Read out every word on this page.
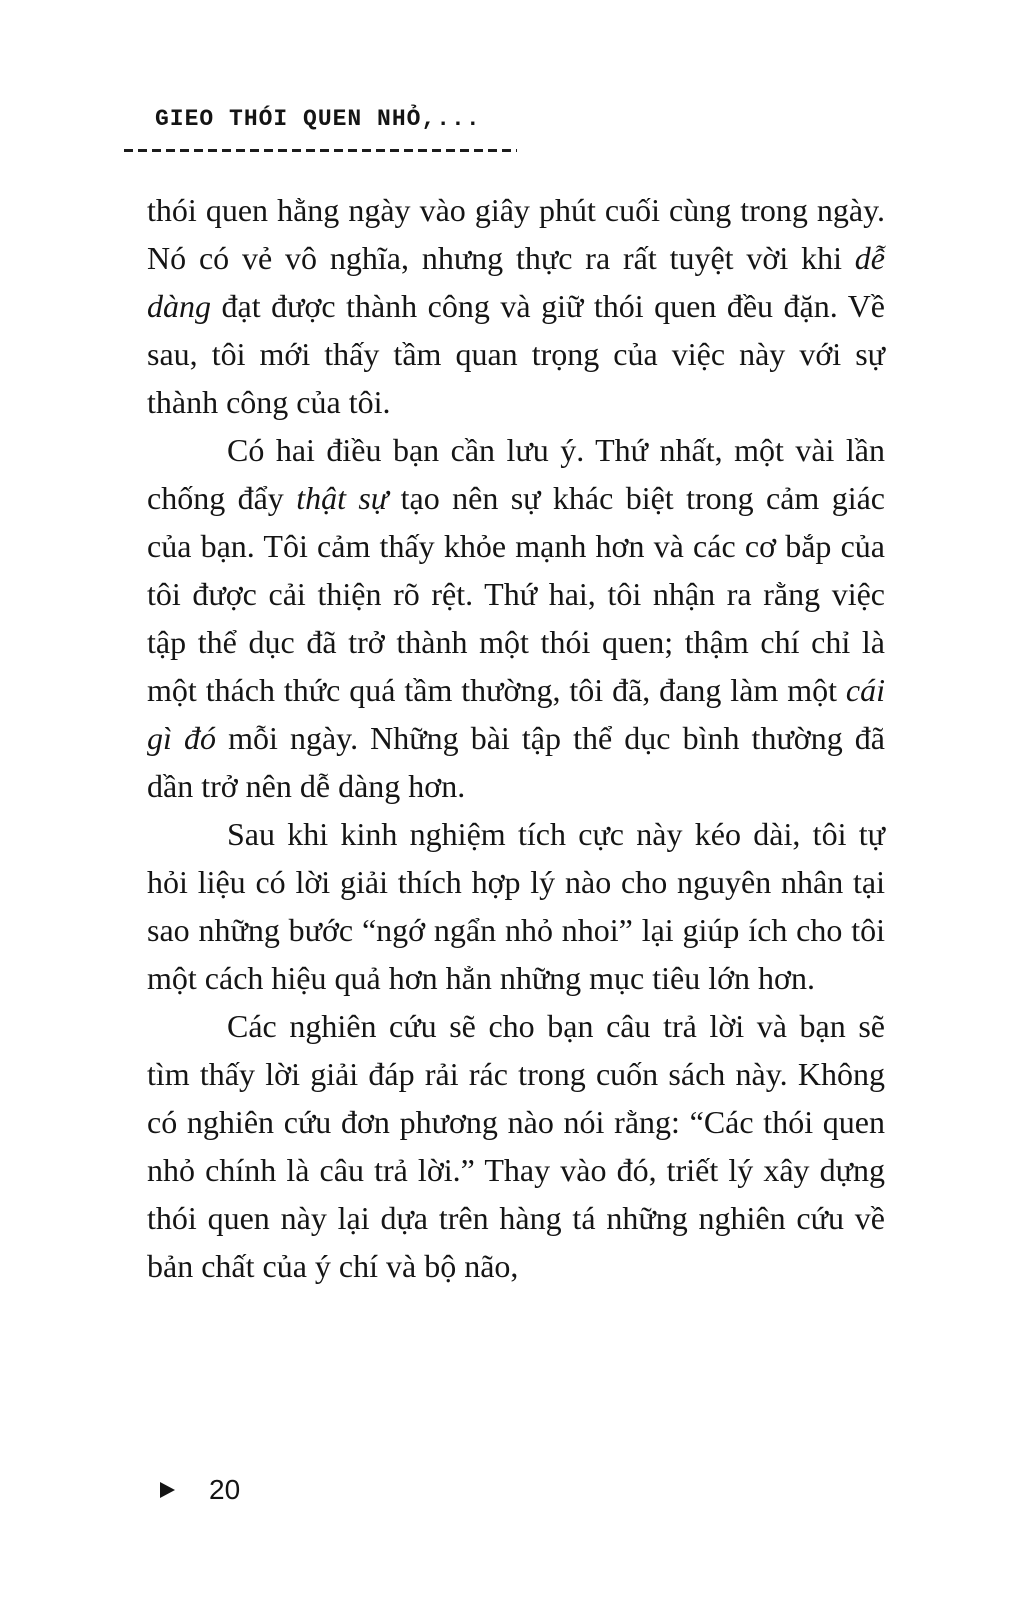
GIEO THÓI QUEN NHỎ,...

thói quen hằng ngày vào giây phút cuối cùng trong ngày. Nó có vẻ vô nghĩa, nhưng thực ra rất tuyệt vời khi dễ dàng đạt được thành công và giữ thói quen đều đặn. Về sau, tôi mới thấy tầm quan trọng của việc này với sự thành công của tôi.

Có hai điều bạn cần lưu ý. Thứ nhất, một vài lần chống đẩy thật sự tạo nên sự khác biệt trong cảm giác của bạn. Tôi cảm thấy khỏe mạnh hơn và các cơ bắp của tôi được cải thiện rõ rệt. Thứ hai, tôi nhận ra rằng việc tập thể dục đã trở thành một thói quen; thậm chí chỉ là một thách thức quá tầm thường, tôi đã, đang làm một cái gì đó mỗi ngày. Những bài tập thể dục bình thường đã dần trở nên dễ dàng hơn.

Sau khi kinh nghiệm tích cực này kéo dài, tôi tự hỏi liệu có lời giải thích hợp lý nào cho nguyên nhân tại sao những bước “ngớ ngẩn nhỏ nhoi” lại giúp ích cho tôi một cách hiệu quả hơn hẳn những mục tiêu lớn hơn.

Các nghiên cứu sẽ cho bạn câu trả lời và bạn sẽ tìm thấy lời giải đáp rải rác trong cuốn sách này. Không có nghiên cứu đơn phương nào nói rằng: “Các thói quen nhỏ chính là câu trả lời.” Thay vào đó, triết lý xây dựng thói quen này lại dựa trên hàng tá những nghiên cứu về bản chất của ý chí và bộ não,

20
